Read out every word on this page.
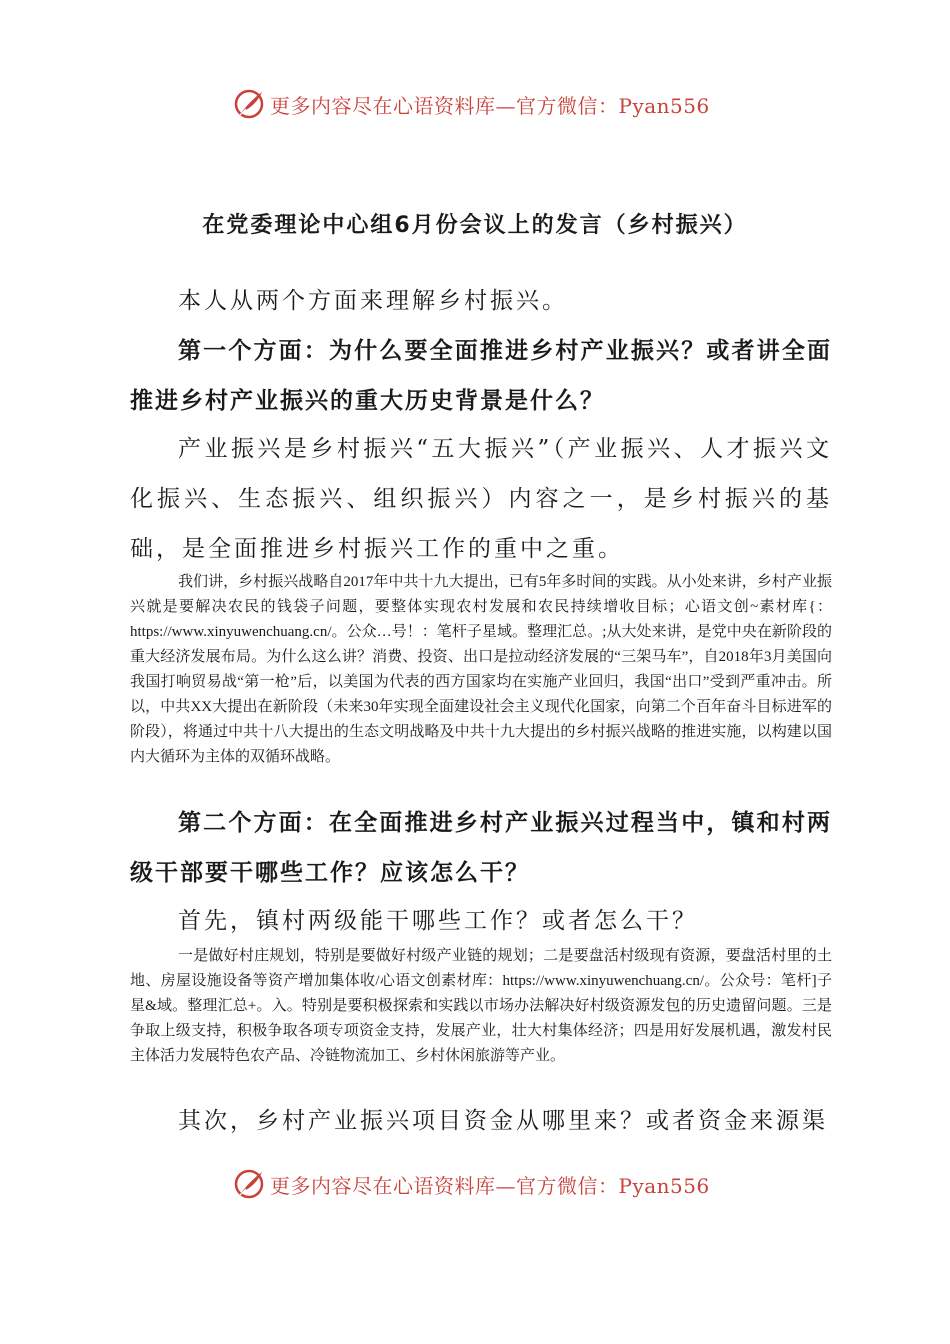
更多内容尽在心语资料库—官方微信：Pyan556
在党委理论中心组6月份会议上的发言（乡村振兴）

本人从两个方面来理解乡村振兴。

第一个方面：为什么要全面推进乡村产业振兴？或者讲全面推进乡村产业振兴的重大历史背景是什么？

产业振兴是乡村振兴“五大振兴”（产业振兴、人才振兴文化振兴、生态振兴、组织振兴）内容之一，是乡村振兴的基础，是全面推进乡村振兴工作的重中之重。

我们讲，乡村振兴战略自2017年中共十九大提出，已有5年多时间的实践。从小处来讲，乡村产业振兴就是要解决农民的钱袋子问题，要整体实现农村发展和农民持续增收目标；心语文创~素材库{：https://www.xinyuwenchuang.cn/。公众…号！：笔杆子星域。整理汇总。;从大处来讲，是党中央在新阶段的重大经济发展布局。为什么这么讲？消费、投资、出口是拉动经济发展的“三架马车”，自2018年3月美国向我国打响贸易战“第一枪”后，以美国为代表的西方国家均在实施产业回归，我国“出口”受到严重冲击。所以，中共XX大提出在新阶段（未来30年实现全面建设社会主义现代化国家，向第二个百年奋斗目标进军的阶段），将通过中共十八大提出的生态文明战略及中共十九大提出的乡村振兴战略的推进实施，以构建以国内大循环为主体的双循环战略。

第二个方面：在全面推进乡村产业振兴过程当中，镇和村两级干部要干哪些工作？应该怎么干？

首先，镇村两级能干哪些工作？或者怎么干？

一是做好村庄规划，特别是要做好村级产业链的规划；二是要盘活村级现有资源，要盘活村里的土地、房屋设施设备等资产增加集体收/心语文创素材库：https://www.xinyuwenchuang.cn/。公众号：笔杆]子星&域。整理汇总+。入。特别是要积极探索和实践以市场办法解决好村级资源发包的历史遗留问题。三是争取上级支持，积极争取各项专项资金支持，发展产业，壮大村集体经济；四是用好发展机遇，激发村民主体活力发展特色农产品、冷链物流加工、乡村休闲旅游等产业。

其次，乡村产业振兴项目资金从哪里来？或者资金来源渠

更多内容尽在心语资料库—官方微信：Pyan556
